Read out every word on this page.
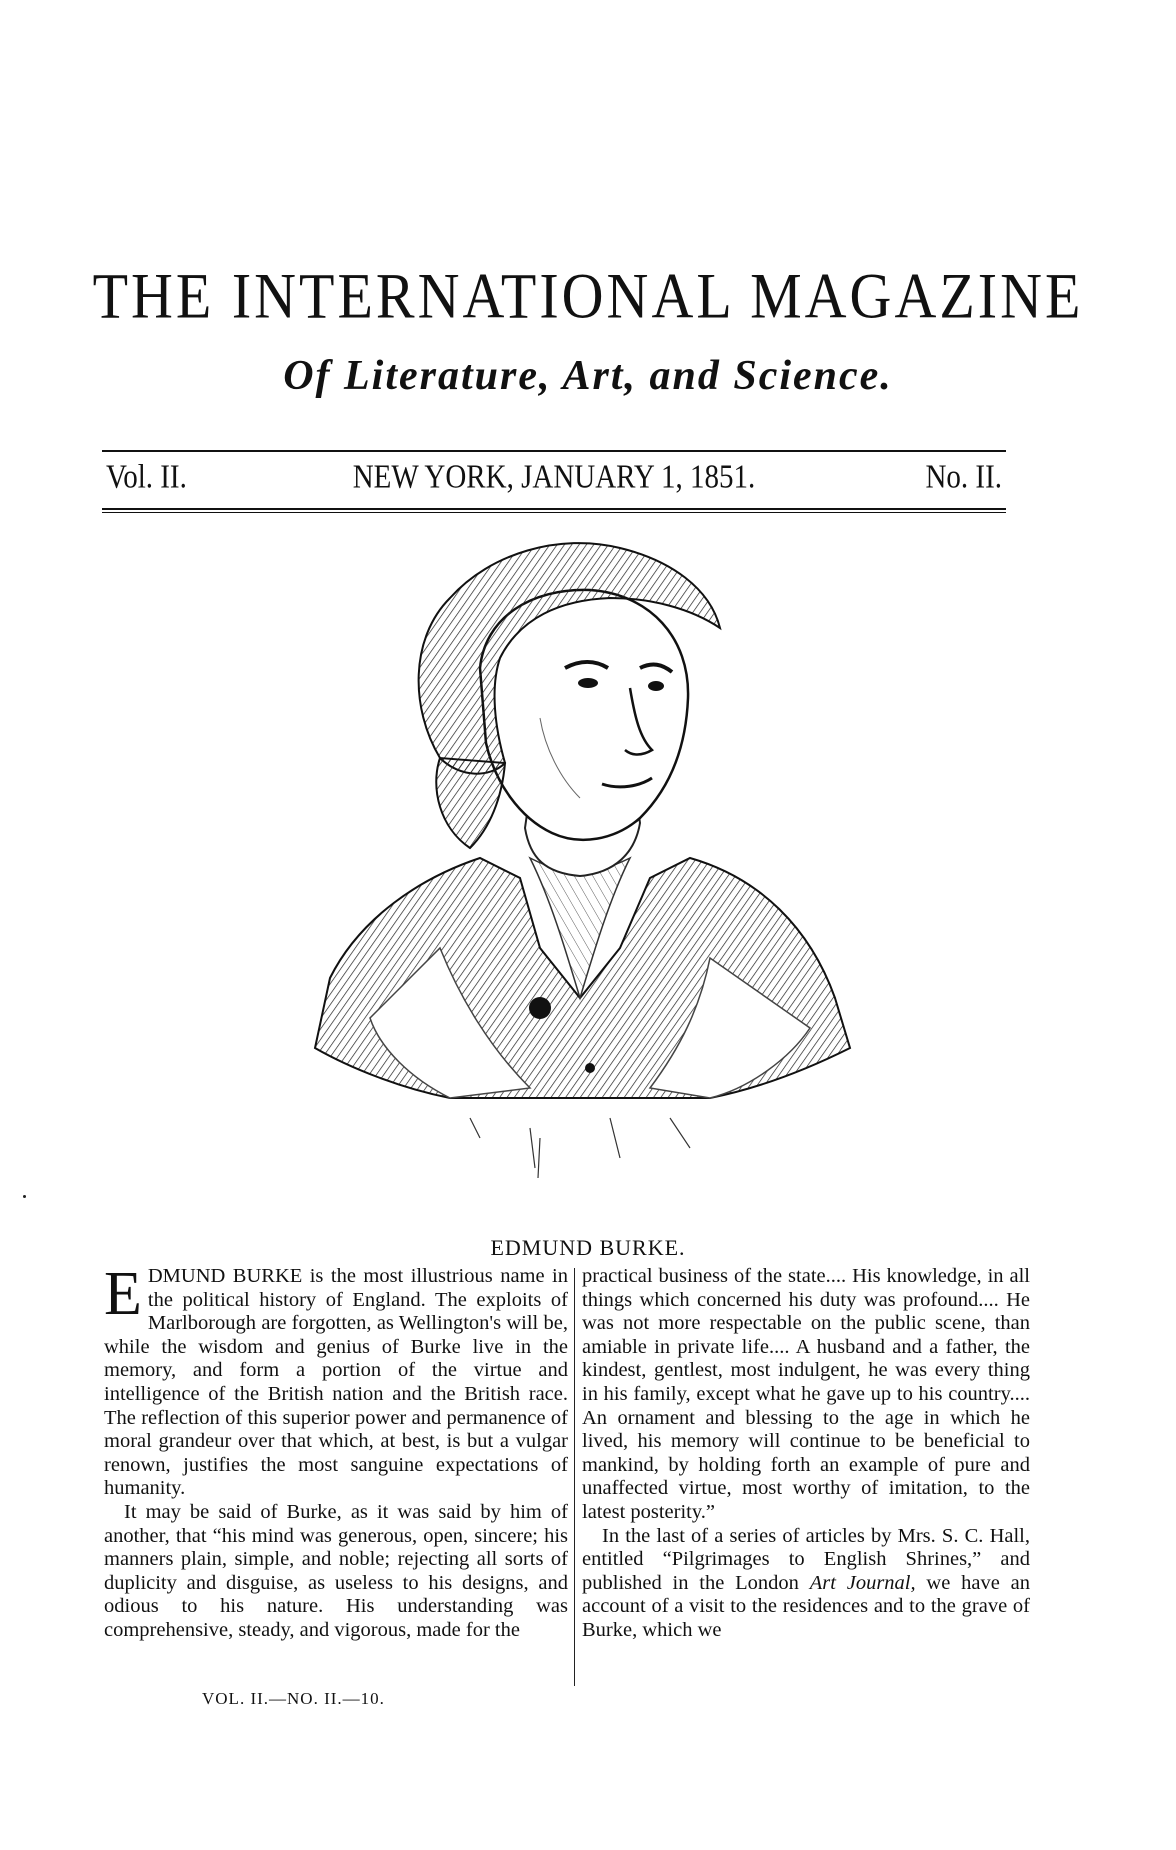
THE INTERNATIONAL MAGAZINE
Of Literature, Art, and Science.
NEW YORK, JANUARY 1, 1851.
Vol. II.	No. II.
EDMUND BURKE.

EDMUND BURKE is the most illustrious name in the political history of England. The exploits of Marlborough are forgotten, as Wellington's will be, while the wisdom and genius of Burke live in the memory, and form a portion of the virtue and intelligence of the British nation and the British race. The reflection of this superior power and permanence of moral grandeur over that which, at best, is but a vulgar renown, justifies the most sanguine expectations of humanity.

It may be said of Burke, as it was said by him of another, that “his mind was generous, open, sincere; his manners plain, simple, and noble; rejecting all sorts of duplicity and disguise, as useless to his designs, and odious to his nature. His understanding was comprehensive, steady, and vigorous, made for the

practical business of the state.... His knowledge, in all things which concerned his duty was profound.... He was not more respectable on the public scene, than amiable in private life.... A husband and a father, the kindest, gentlest, most indulgent, he was every thing in his family, except what he gave up to his country.... An ornament and blessing to the age in which he lived, his memory will continue to be beneficial to mankind, by holding forth an example of pure and unaffected virtue, most worthy of imitation, to the latest posterity.”

In the last of a series of articles by Mrs. S. C. Hall, entitled “Pilgrimages to English Shrines,” and published in the London Art Journal, we have an account of a visit to the residences and to the grave of Burke, which we

VOL. II.—NO. II.—10.
